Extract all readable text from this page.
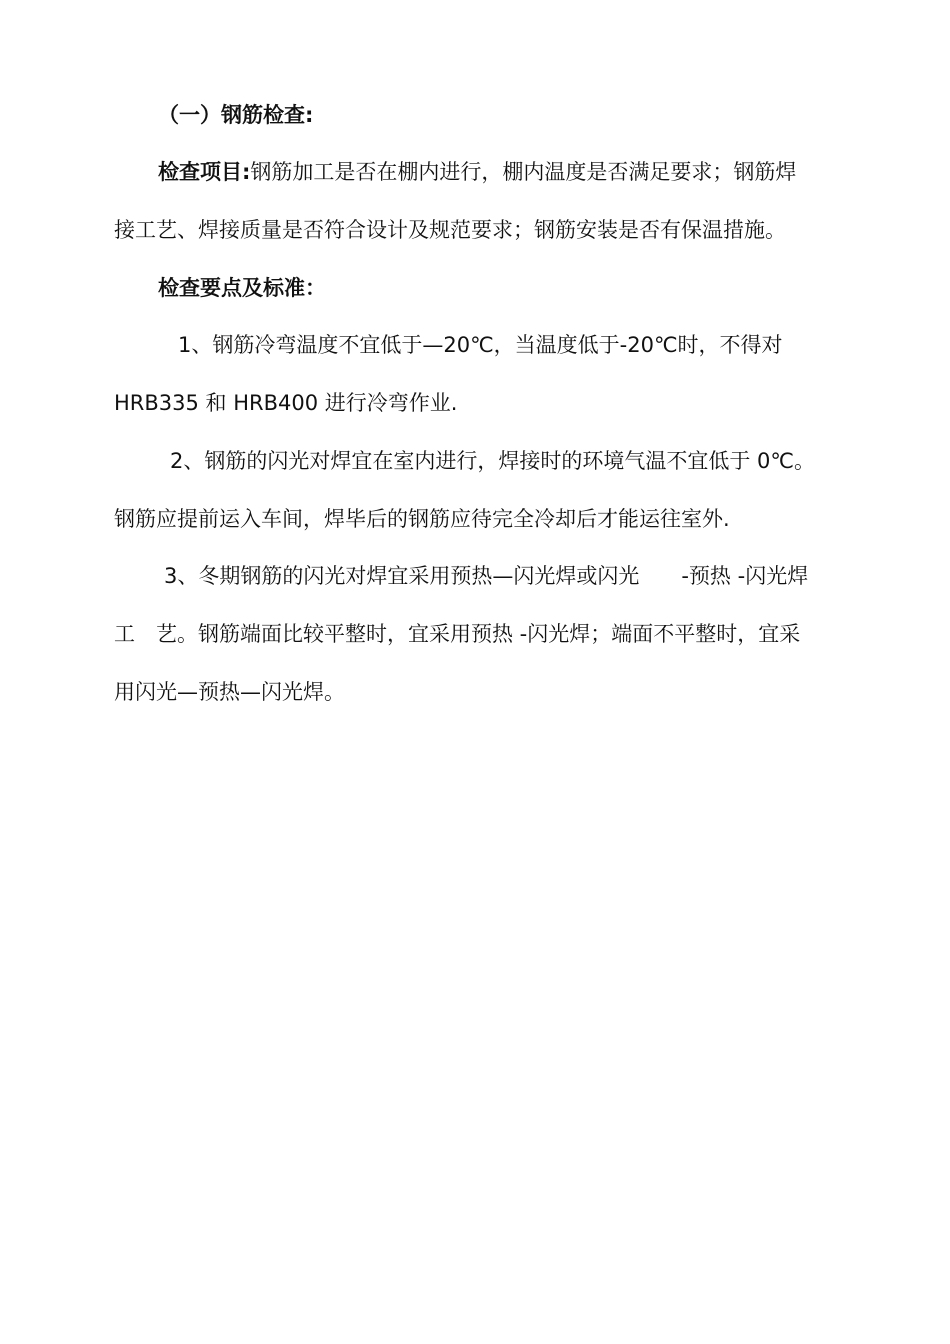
（一）钢筋检查:
检查项目:钢筋加工是否在棚内进行，棚内温度是否满足要求；钢筋焊
接工艺、焊接质量是否符合设计及规范要求；钢筋安装是否有保温措施。
检查要点及标准：
1、钢筋冷弯温度不宜低于—20℃，当温度低于-20℃时，不得对
HRB335 和 HRB400 进行冷弯作业.
2、钢筋的闪光对焊宜在室内进行，焊接时的环境气温不宜低于 0℃。
钢筋应提前运入车间，焊毕后的钢筋应待完全冷却后才能运往室外.
3、冬期钢筋的闪光对焊宜采用预热—闪光焊或闪光　　-预热 -闪光焊
工　艺。钢筋端面比较平整时，宜采用预热 -闪光焊；端面不平整时，宜采
用闪光—预热—闪光焊。
